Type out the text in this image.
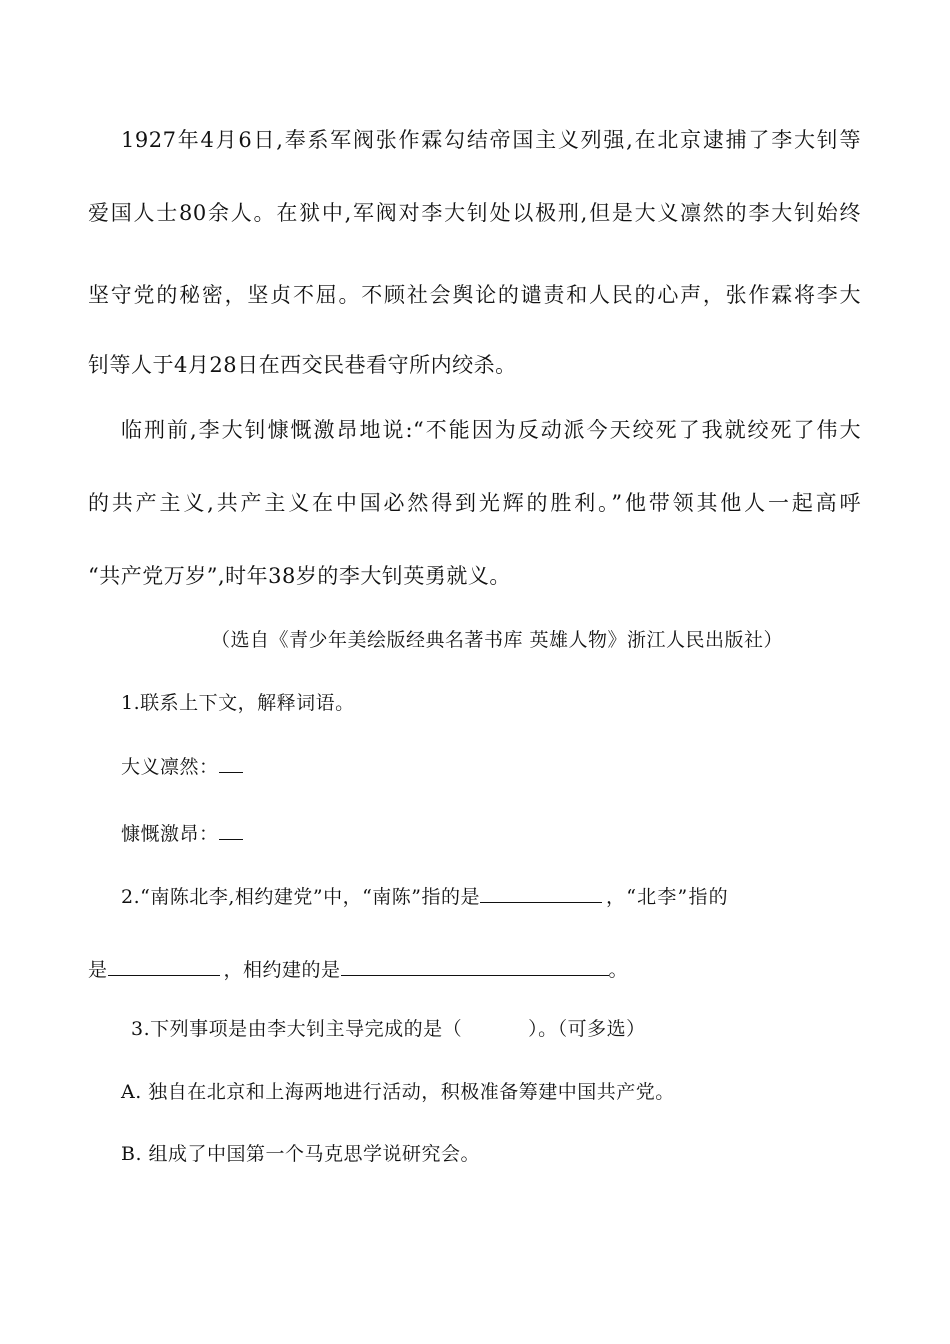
1927年4月6日,奉系军阀张作霖勾结帝国主义列强,在北京逮捕了李大钊等
爱国人士80余人。在狱中,军阀对李大钊处以极刑,但是大义凛然的李大钊始终
坚守党的秘密，坚贞不屈。不顾社会舆论的谴责和人民的心声，张作霖将李大
钊等人于4月28日在西交民巷看守所内绞杀。
临刑前,李大钊慷慨激昂地说:“不能因为反动派今天绞死了我就绞死了伟大
的共产主义,共产主义在中国必然得到光辉的胜利。”他带领其他人一起高呼
“共产党万岁”,时年38岁的李大钊英勇就义。
（选自《青少年美绘版经典名著书库 英雄人物》浙江人民出版社）
1.联系上下文，解释词语。
大义凛然：
慷慨激昂：
2.“南陈北李,相约建党”中，“南陈”指的是	，“北李”指的
是	，相约建的是	。
3.下列事项是由李大钊主导完成的是（	）。（可多选）
A. 独自在北京和上海两地进行活动，积极准备筹建中国共产党。
B. 组成了中国第一个马克思学说研究会。
